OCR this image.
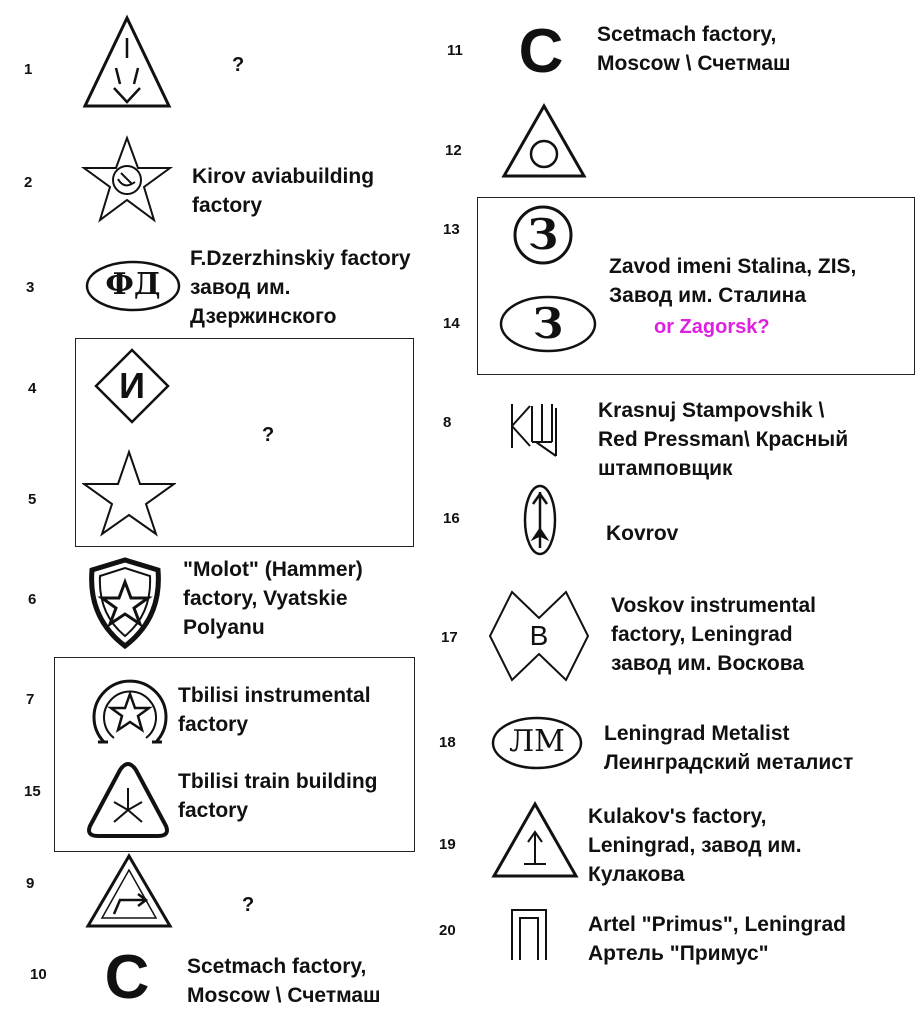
1	?
2	Kirov aviabuilding
factory
3	ФД
F.Dzerzhinskiy factory
завод им.
Дзержинского
4	И
?
5
6
"Molot" (Hammer)
factory, Vyatskie
Polyanu
7	Tbilisi instrumental
factory
15	Tbilisi train building
factory
9
?
10 C Scetmach factory,
Moscow \ Счетмаш
11 C Scetmach factory,
Moscow \ Счетмаш
12
13	З
14	З
Zavod imeni Stalina, ZIS,
Завод им. Сталина
or Zagorsk?
8
Krasnuj Stampovshik \
Red Pressman\ Красный
штамповщик
16
Kovrov
17	B
Voskov instrumental
factory, Leningrad
завод им. Воскова
18	ЛМ	Leningrad Metalist
Леинградский металист
19
Kulakov's factory,
Leningrad, завод им.
Кулакова
20	Artel "Primus", Leningrad
Артель "Примус"
